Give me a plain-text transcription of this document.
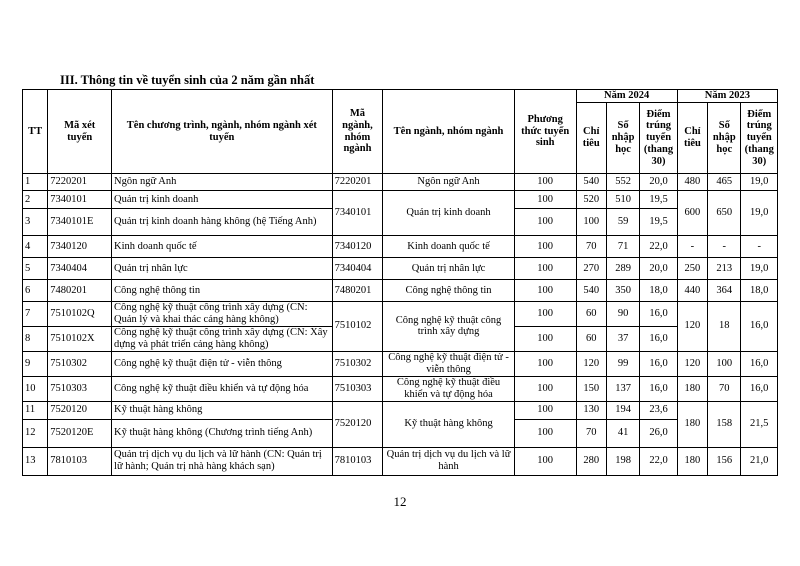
III. Thông tin về tuyển sinh của 2 năm gần nhất
TT	Mã xét tuyển	Tên chương trình, ngành, nhóm ngành xét tuyển	Mã ngành, nhóm ngành	Tên ngành, nhóm ngành	Phương thức tuyển sinh	Năm 2024			Năm 2023		
						Chỉ tiêu	Số nhập học	Điểm trúng tuyển (thang 30)	Chỉ tiêu	Số nhập học	Điểm trúng tuyển (thang 30)
1	7220201	Ngôn ngữ Anh	7220201	Ngôn ngữ Anh	100	540	552	20,0	480	465	19,0
2	7340101	Quản trị kinh doanh	7340101	Quản trị kinh doanh	100	520	510	19,5	600	650	19,0
3	7340101E	Quản trị kinh doanh hàng không (hệ Tiếng Anh)			100	100	59	19,5			
4	7340120	Kinh doanh quốc tế	7340120	Kinh doanh quốc tế	100	70	71	22,0	-	-	-
5	7340404	Quản trị nhân lực	7340404	Quản trị nhân lực	100	270	289	20,0	250	213	19,0
6	7480201	Công nghệ thông tin	7480201	Công nghệ thông tin	100	540	350	18,0	440	364	18,0
7	7510102Q	Công nghệ kỹ thuật công trình xây dựng (CN: Quản lý và khai thác cảng hàng không)	7510102	Công nghệ kỹ thuật công trình xây dựng	100	60	90	16,0	120	18	16,0
8	7510102X	Công nghệ kỹ thuật công trình xây dựng (CN: Xây dựng và phát triển cảng hàng không)			100	60	37	16,0			
9	7510302	Công nghệ kỹ thuật điện tử - viễn thông	7510302	Công nghệ kỹ thuật điện tử - viễn thông	100	120	99	16,0	120	100	16,0
10	7510303	Công nghệ kỹ thuật điều khiển và tự động hóa	7510303	Công nghệ kỹ thuật điều khiển và tự động hóa	100	150	137	16,0	180	70	16,0
11	7520120	Kỹ thuật hàng không	7520120	Kỹ thuật hàng không	100	130	194	23,6	180	158	21,5
12	7520120E	Kỹ thuật hàng không (Chương trình tiếng Anh)			100	70	41	26,0			
13	7810103	Quản trị dịch vụ du lịch và lữ hành (CN: Quản trị lữ hành; Quản trị nhà hàng khách sạn)	7810103	Quản trị dịch vụ du lịch và lữ hành	100	280	198	22,0	180	156	21,0
12
